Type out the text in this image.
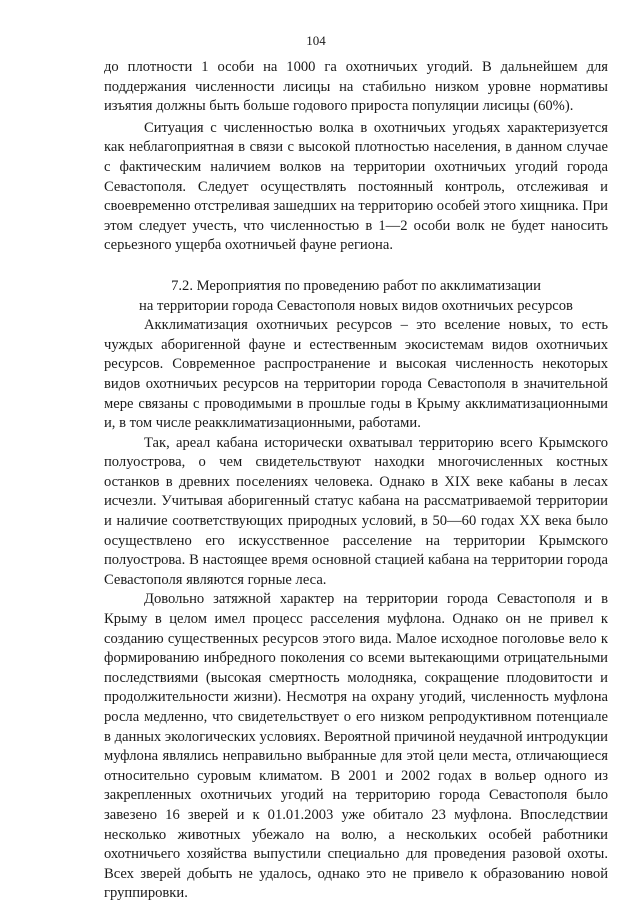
104

до плотности 1 особи на 1000 га охотничьих угодий. В дальнейшем для поддержания численности лисицы на стабильно низком уровне нормативы изъятия должны быть больше годового прироста популяции лисицы (60%).

Ситуация с численностью волка в охотничьих угодьях характеризуется как неблагоприятная в связи с высокой плотностью населения, в данном случае с фактическим наличием волков на территории охотничьих угодий города Севастополя. Следует осуществлять постоянный контроль, отслеживая и своевременно отстреливая зашедших на территорию особей этого хищника. При этом следует учесть, что численностью в 1—2 особи волк не будет наносить серьезного ущерба охотничьей фауне региона.

7.2. Мероприятия по проведению работ по акклиматизации

на территории города Севастополя новых видов охотничьих ресурсов

Акклиматизация охотничьих ресурсов – это вселение новых, то есть чуждых аборигенной фауне и естественным экосистемам видов охотничьих ресурсов. Современное распространение и высокая численность некоторых видов охотничьих ресурсов на территории города Севастополя в значительной мере связаны с проводимыми в прошлые годы в Крыму акклиматизационными и, в том числе реакклиматизационными, работами.

Так, ареал кабана исторически охватывал территорию всего Крымского полуострова, о чем свидетельствуют находки многочисленных костных останков в древних поселениях человека. Однако в XIX веке кабаны в лесах исчезли. Учитывая аборигенный статус кабана на рассматриваемой территории и наличие соответствующих природных условий, в 50—60 годах XX века было осуществлено его искусственное расселение на территории Крымского полуострова. В настоящее время основной стацией кабана на территории города Севастополя являются горные леса.

Довольно затяжной характер на территории города Севастополя и в Крыму в целом имел процесс расселения муфлона. Однако он не привел к созданию существенных ресурсов этого вида. Малое исходное поголовье вело к формированию инбредного поколения со всеми вытекающими отрицательными последствиями (высокая смертность молодняка, сокращение плодовитости и продолжительности жизни). Несмотря на охрану угодий, численность муфлона росла медленно, что свидетельствует о его низком репродуктивном потенциале в данных экологических условиях. Вероятной причиной неудачной интродукции муфлона являлись неправильно выбранные для этой цели места, отличающиеся относительно суровым климатом. В 2001 и 2002 годах в вольер одного из закрепленных охотничьих угодий на территорию города Севастополя было завезено 16 зверей и к 01.01.2003 уже обитало 23 муфлона. Впоследствии несколько животных убежало на волю, а нескольких особей работники охотничьего хозяйства выпустили специально для проведения разовой охоты. Всех зверей добыть не удалось, однако это не привело к образованию новой группировки.
